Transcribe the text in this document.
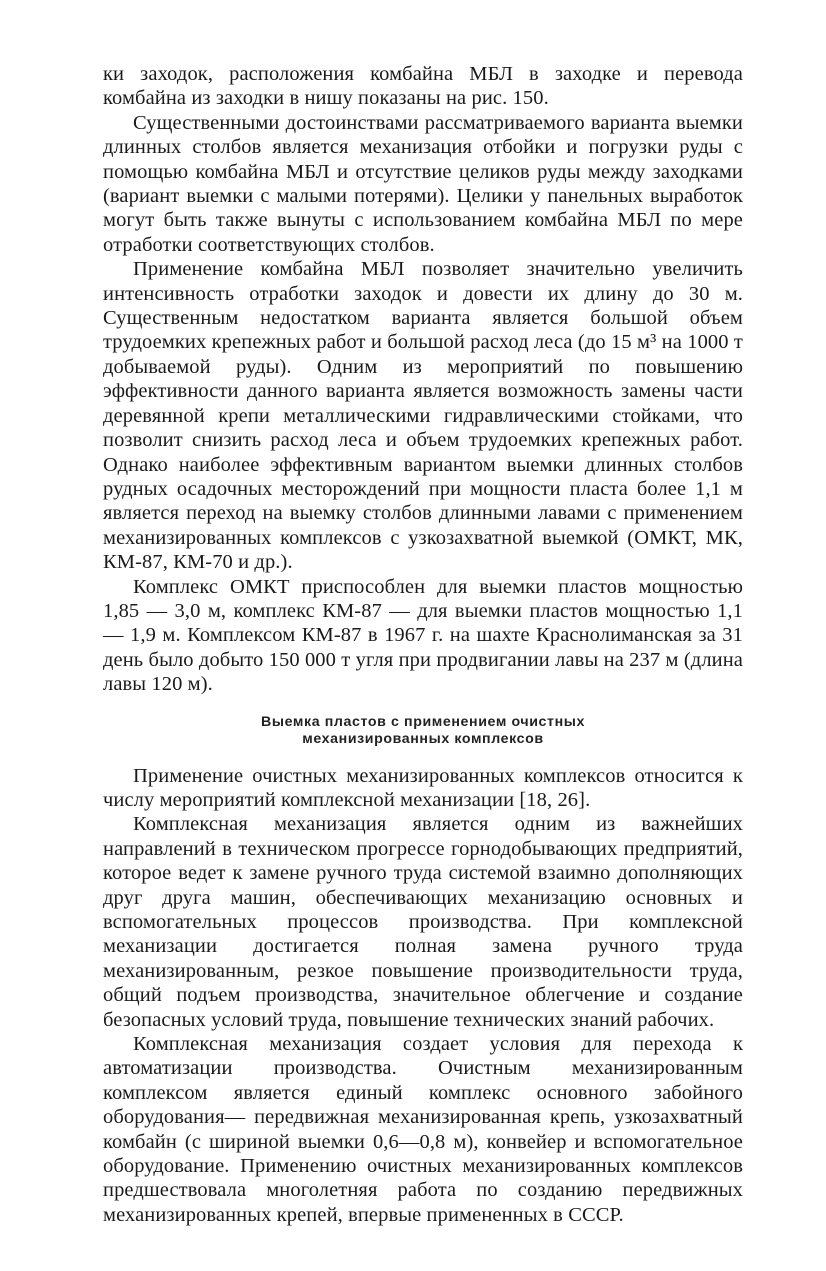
ки заходок, расположения комбайна МБЛ в заходке и перевода комбайна из заходки в нишу показаны на рис. 150.

Существенными достоинствами рассматриваемого варианта выемки длинных столбов является механизация отбойки и погрузки руды с помощью комбайна МБЛ и отсутствие целиков руды между заходками (вариант выемки с малыми потерями). Целики у панельных выработок могут быть также вынуты с использованием комбайна МБЛ по мере отработки соответствующих столбов.

Применение комбайна МБЛ позволяет значительно увеличить интенсивность отработки заходок и довести их длину до 30 м. Существенным недостатком варианта является большой объем трудоемких крепежных работ и большой расход леса (до 15 м³ на 1000 т добываемой руды). Одним из мероприятий по повышению эффективности данного варианта является возможность замены части деревянной крепи металлическими гидравлическими стойками, что позволит снизить расход леса и объем трудоемких крепежных работ. Однако наиболее эффективным вариантом выемки длинных столбов рудных осадочных месторождений при мощности пласта более 1,1 м является переход на выемку столбов длинными лавами с применением механизированных комплексов с узкозахватной выемкой (ОМКТ, МК, КМ-87, КМ-70 и др.).

Комплекс ОМКТ приспособлен для выемки пластов мощностью 1,85 — 3,0 м, комплекс КМ-87 — для выемки пластов мощностью 1,1 — 1,9 м. Комплексом КМ-87 в 1967 г. на шахте Краснолиманская за 31 день было добыто 150 000 т угля при продвигании лавы на 237 м (длина лавы 120 м).

Выемка пластов с применением очистных
механизированных комплексов

Применение очистных механизированных комплексов относится к числу мероприятий комплексной механизации [18, 26].

Комплексная механизация является одним из важнейших направлений в техническом прогрессе горнодобывающих предприятий, которое ведет к замене ручного труда системой взаимно дополняющих друг друга машин, обеспечивающих механизацию основных и вспомогательных процессов производства. При комплексной механизации достигается полная замена ручного труда механизированным, резкое повышение производительности труда, общий подъем производства, значительное облегчение и создание безопасных условий труда, повышение технических знаний рабочих.

Комплексная механизация создает условия для перехода к автоматизации производства. Очистным механизированным комплексом является единый комплекс основного забойного оборудования— передвижная механизированная крепь, узкозахватный комбайн (с шириной выемки 0,6—0,8 м), конвейер и вспомогательное оборудование. Применению очистных механизированных комплексов предшествовала многолетняя работа по созданию передвижных механизированных крепей, впервые примененных в СССР.
